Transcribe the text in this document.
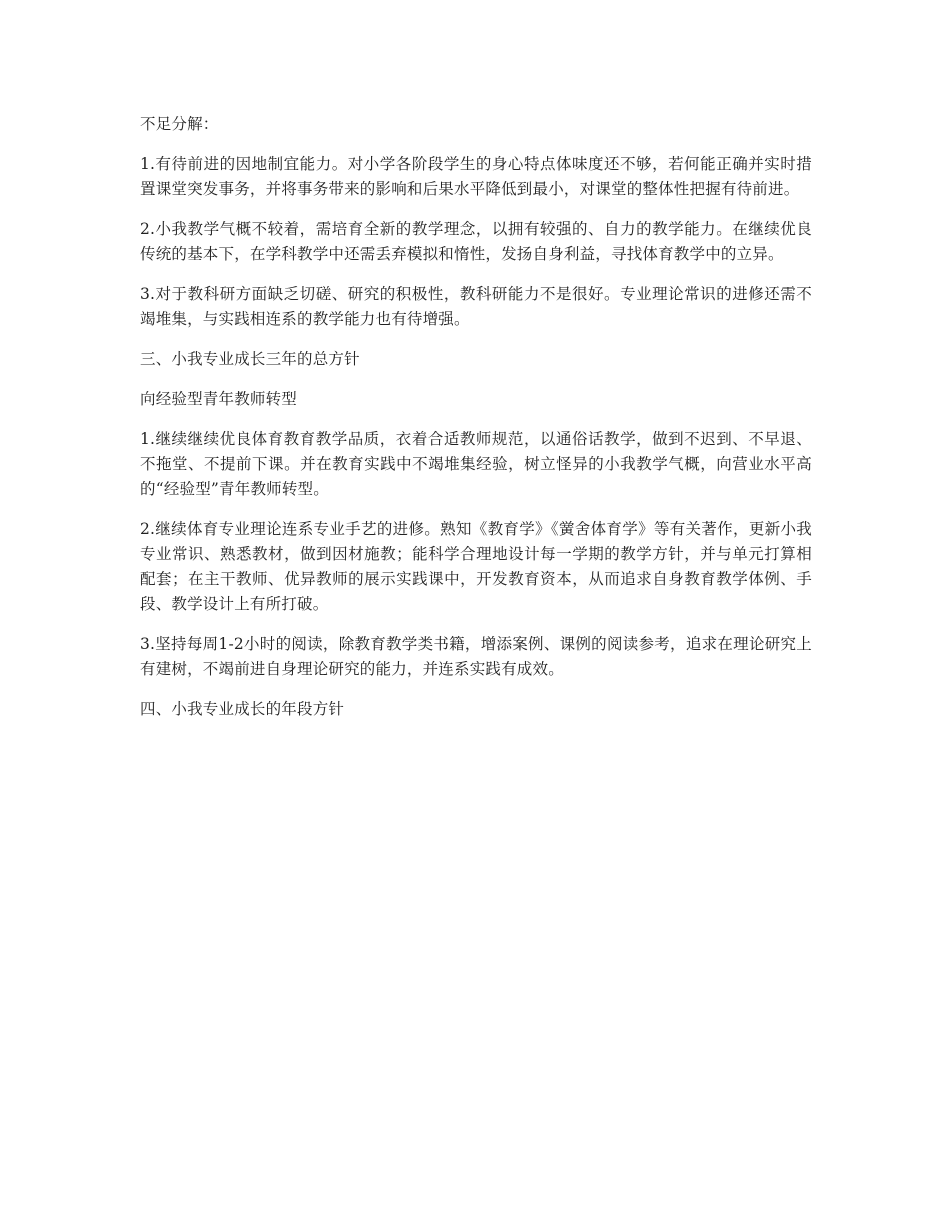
不足分解：

1.有待前进的因地制宜能力。对小学各阶段学生的身心特点体味度还不够，若何能正确并实时措置课堂突发事务，并将事务带来的影响和后果水平降低到最小，对课堂的整体性把握有待前进。

2.小我教学气概不较着，需培育全新的教学理念，以拥有较强的、自力的教学能力。在继续优良传统的基本下，在学科教学中还需丢弃模拟和惰性，发扬自身利益，寻找体育教学中的立异。

3.对于教科研方面缺乏切磋、研究的积极性，教科研能力不是很好。专业理论常识的进修还需不竭堆集，与实践相连系的教学能力也有待增强。

三、小我专业成长三年的总方针

向经验型青年教师转型

1.继续继续优良体育教育教学品质，衣着合适教师规范，以通俗话教学，做到不迟到、不早退、不拖堂、不提前下课。并在教育实践中不竭堆集经验，树立怪异的小我教学气概，向营业水平高的“经验型”青年教师转型。

2.继续体育专业理论连系专业手艺的进修。熟知《教育学》《黉舍体育学》等有关著作，更新小我专业常识、熟悉教材，做到因材施教；能科学合理地设计每一学期的教学方针，并与单元打算相配套；在主干教师、优异教师的展示实践课中，开发教育资本，从而追求自身教育教学体例、手段、教学设计上有所打破。

3.坚持每周1-2小时的阅读，除教育教学类书籍，增添案例、课例的阅读参考，追求在理论研究上有建树，不竭前进自身理论研究的能力，并连系实践有成效。

四、小我专业成长的年段方针
